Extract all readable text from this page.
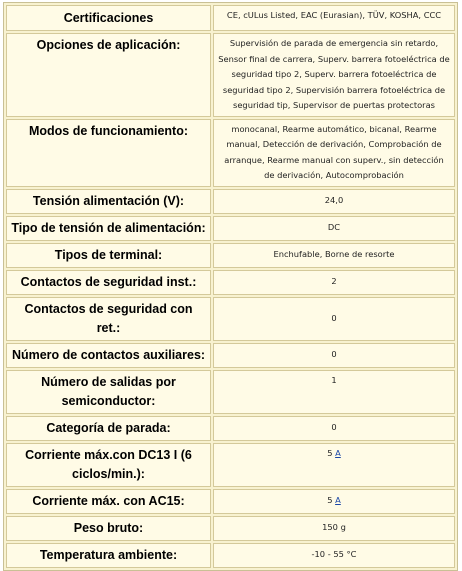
Certificaciones	CE, cULus Listed, EAC (Eurasian), TÜV, KOSHA, CCC
Opciones de aplicación:	Supervisión de parada de emergencia sin retardo, Sensor final de carrera, Superv. barrera fotoeléctrica de seguridad tipo 2, Superv. barrera fotoeléctrica de seguridad tipo 2, Supervisión barrera fotoeléctrica de seguridad tip, Supervisor de puertas protectoras
Modos de funcionamiento:	monocanal, Rearme automático, bicanal, Rearme manual, Detección de derivación, Comprobación de arranque, Rearme manual con superv., sin detección de derivación, Autocomprobación
Tensión alimentación (V):	24,0
Tipo de tensión de alimentación:	DC
Tipos de terminal:	Enchufable, Borne de resorte
Contactos de seguridad inst.:	2
Contactos de seguridad con ret.:	0
Número de contactos auxiliares:	0
Número de salidas por semiconductor:	1
Categoría de parada:	0
Corriente máx.con DC13 I (6 ciclos/min.):	5 A
Corriente máx. con AC15:	5 A
Peso bruto:	150 g
Temperatura ambiente:	-10 - 55 °C
